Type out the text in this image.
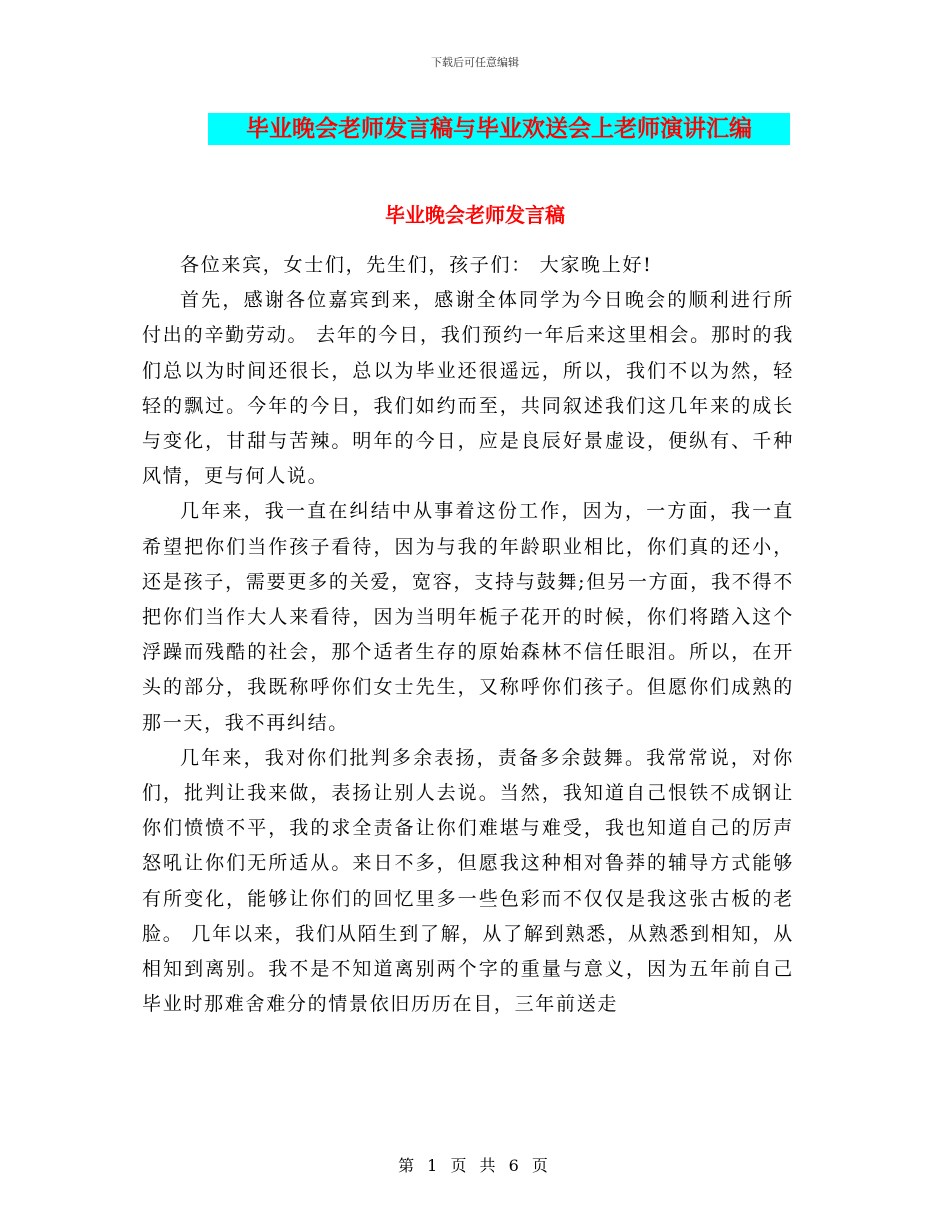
下载后可任意编辑
毕业晚会老师发言稿与毕业欢送会上老师演讲汇编
毕业晚会老师发言稿

各位来宾，女士们，先生们，孩子们： 大家晚上好!

首先，感谢各位嘉宾到来，感谢全体同学为今日晚会的顺利进行所付出的辛勤劳动。 去年的今日，我们预约一年后来这里相会。那时的我们总以为时间还很长，总以为毕业还很遥远，所以，我们不以为然，轻轻的飘过。今年的今日，我们如约而至，共同叙述我们这几年来的成长与变化，甘甜与苦辣。明年的今日，应是良辰好景虚设，便纵有、千种风情，更与何人说。

几年来，我一直在纠结中从事着这份工作，因为，一方面，我一直希望把你们当作孩子看待，因为与我的年龄职业相比，你们真的还小，还是孩子，需要更多的关爱，宽容，支持与鼓舞;但另一方面，我不得不把你们当作大人来看待，因为当明年栀子花开的时候，你们将踏入这个浮躁而残酷的社会，那个适者生存的原始森林不信任眼泪。所以，在开头的部分，我既称呼你们女士先生，又称呼你们孩子。但愿你们成熟的那一天，我不再纠结。

几年来，我对你们批判多余表扬，责备多余鼓舞。我常常说，对你们，批判让我来做，表扬让别人去说。当然，我知道自己恨铁不成钢让你们愤愤不平，我的求全责备让你们难堪与难受，我也知道自己的厉声怒吼让你们无所适从。来日不多，但愿我这种相对鲁莽的辅导方式能够有所变化，能够让你们的回忆里多一些色彩而不仅仅是我这张古板的老脸。 几年以来，我们从陌生到了解，从了解到熟悉，从熟悉到相知，从相知到离别。我不是不知道离别两个字的重量与意义，因为五年前自己毕业时那难舍难分的情景依旧历历在目，三年前送走

第 1 页 共 6 页
